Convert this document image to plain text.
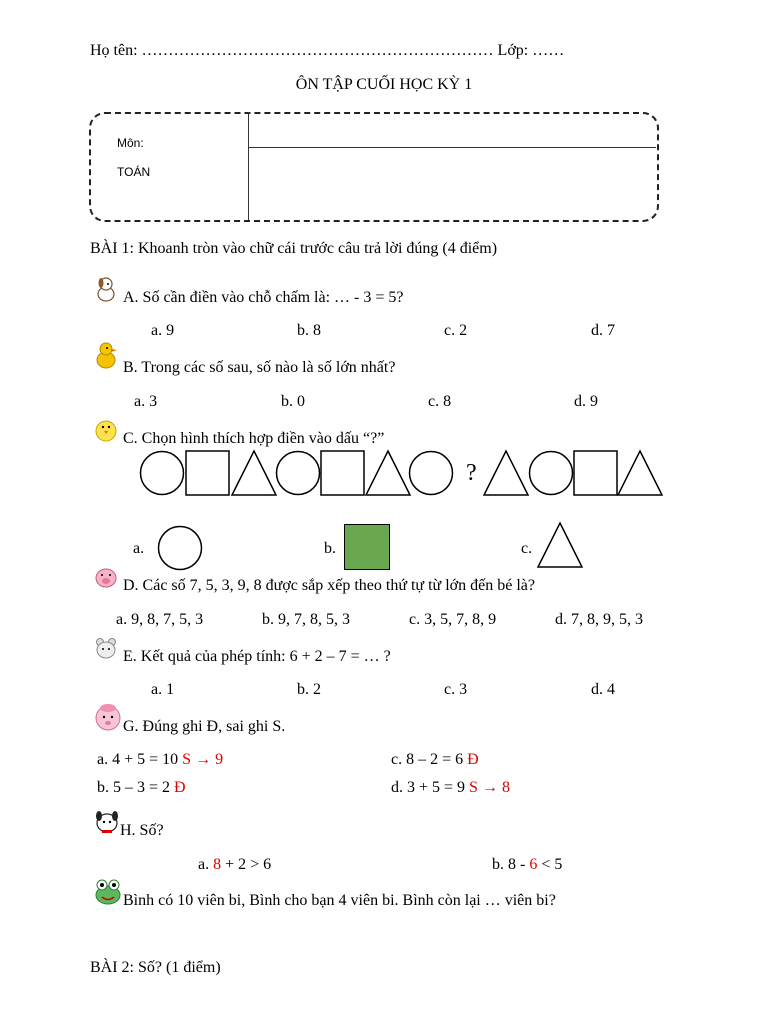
Họ tên: ………………………………………………………… Lớp: ……
ÔN TẬP CUỐI HỌC KỲ 1
Môn:
TOÁN
BÀI 1: Khoanh tròn vào chữ cái trước câu trả lời đúng (4 điểm)
A. Số cần điền vào chỗ chấm là: … - 3 = 5?
a. 9	b. 8	c. 2	d. 7
B. Trong các số sau, số nào là số lớn nhất?
a. 3	b. 0	c. 8	d. 9
C. Chọn hình thích hợp điền vào dấu “?”
?
a.	b.	c.
D. Các số 7, 5, 3, 9, 8 được sắp xếp theo thứ tự từ lớn đến bé là?
a. 9, 8, 7, 5, 3	b. 9, 7, 8, 5, 3	c. 3, 5, 7, 8, 9	d. 7, 8, 9, 5, 3
E. Kết quả của phép tính: 6 + 2 – 7 = … ?
a. 1	b. 2	c. 3	d. 4
G. Đúng ghi Đ, sai ghi S.
a. 4 + 5 = 10 S → 9	c. 8 – 2 = 6 Đ
b. 5 – 3 = 2 Đ	d. 3 + 5 = 9 S → 8
H. Số?
a. 8 + 2 > 6	b. 8 - 6 < 5
Bình có 10 viên bi, Bình cho bạn 4 viên bi. Bình còn lại … viên bi?
BÀI 2: Số? (1 điểm)
